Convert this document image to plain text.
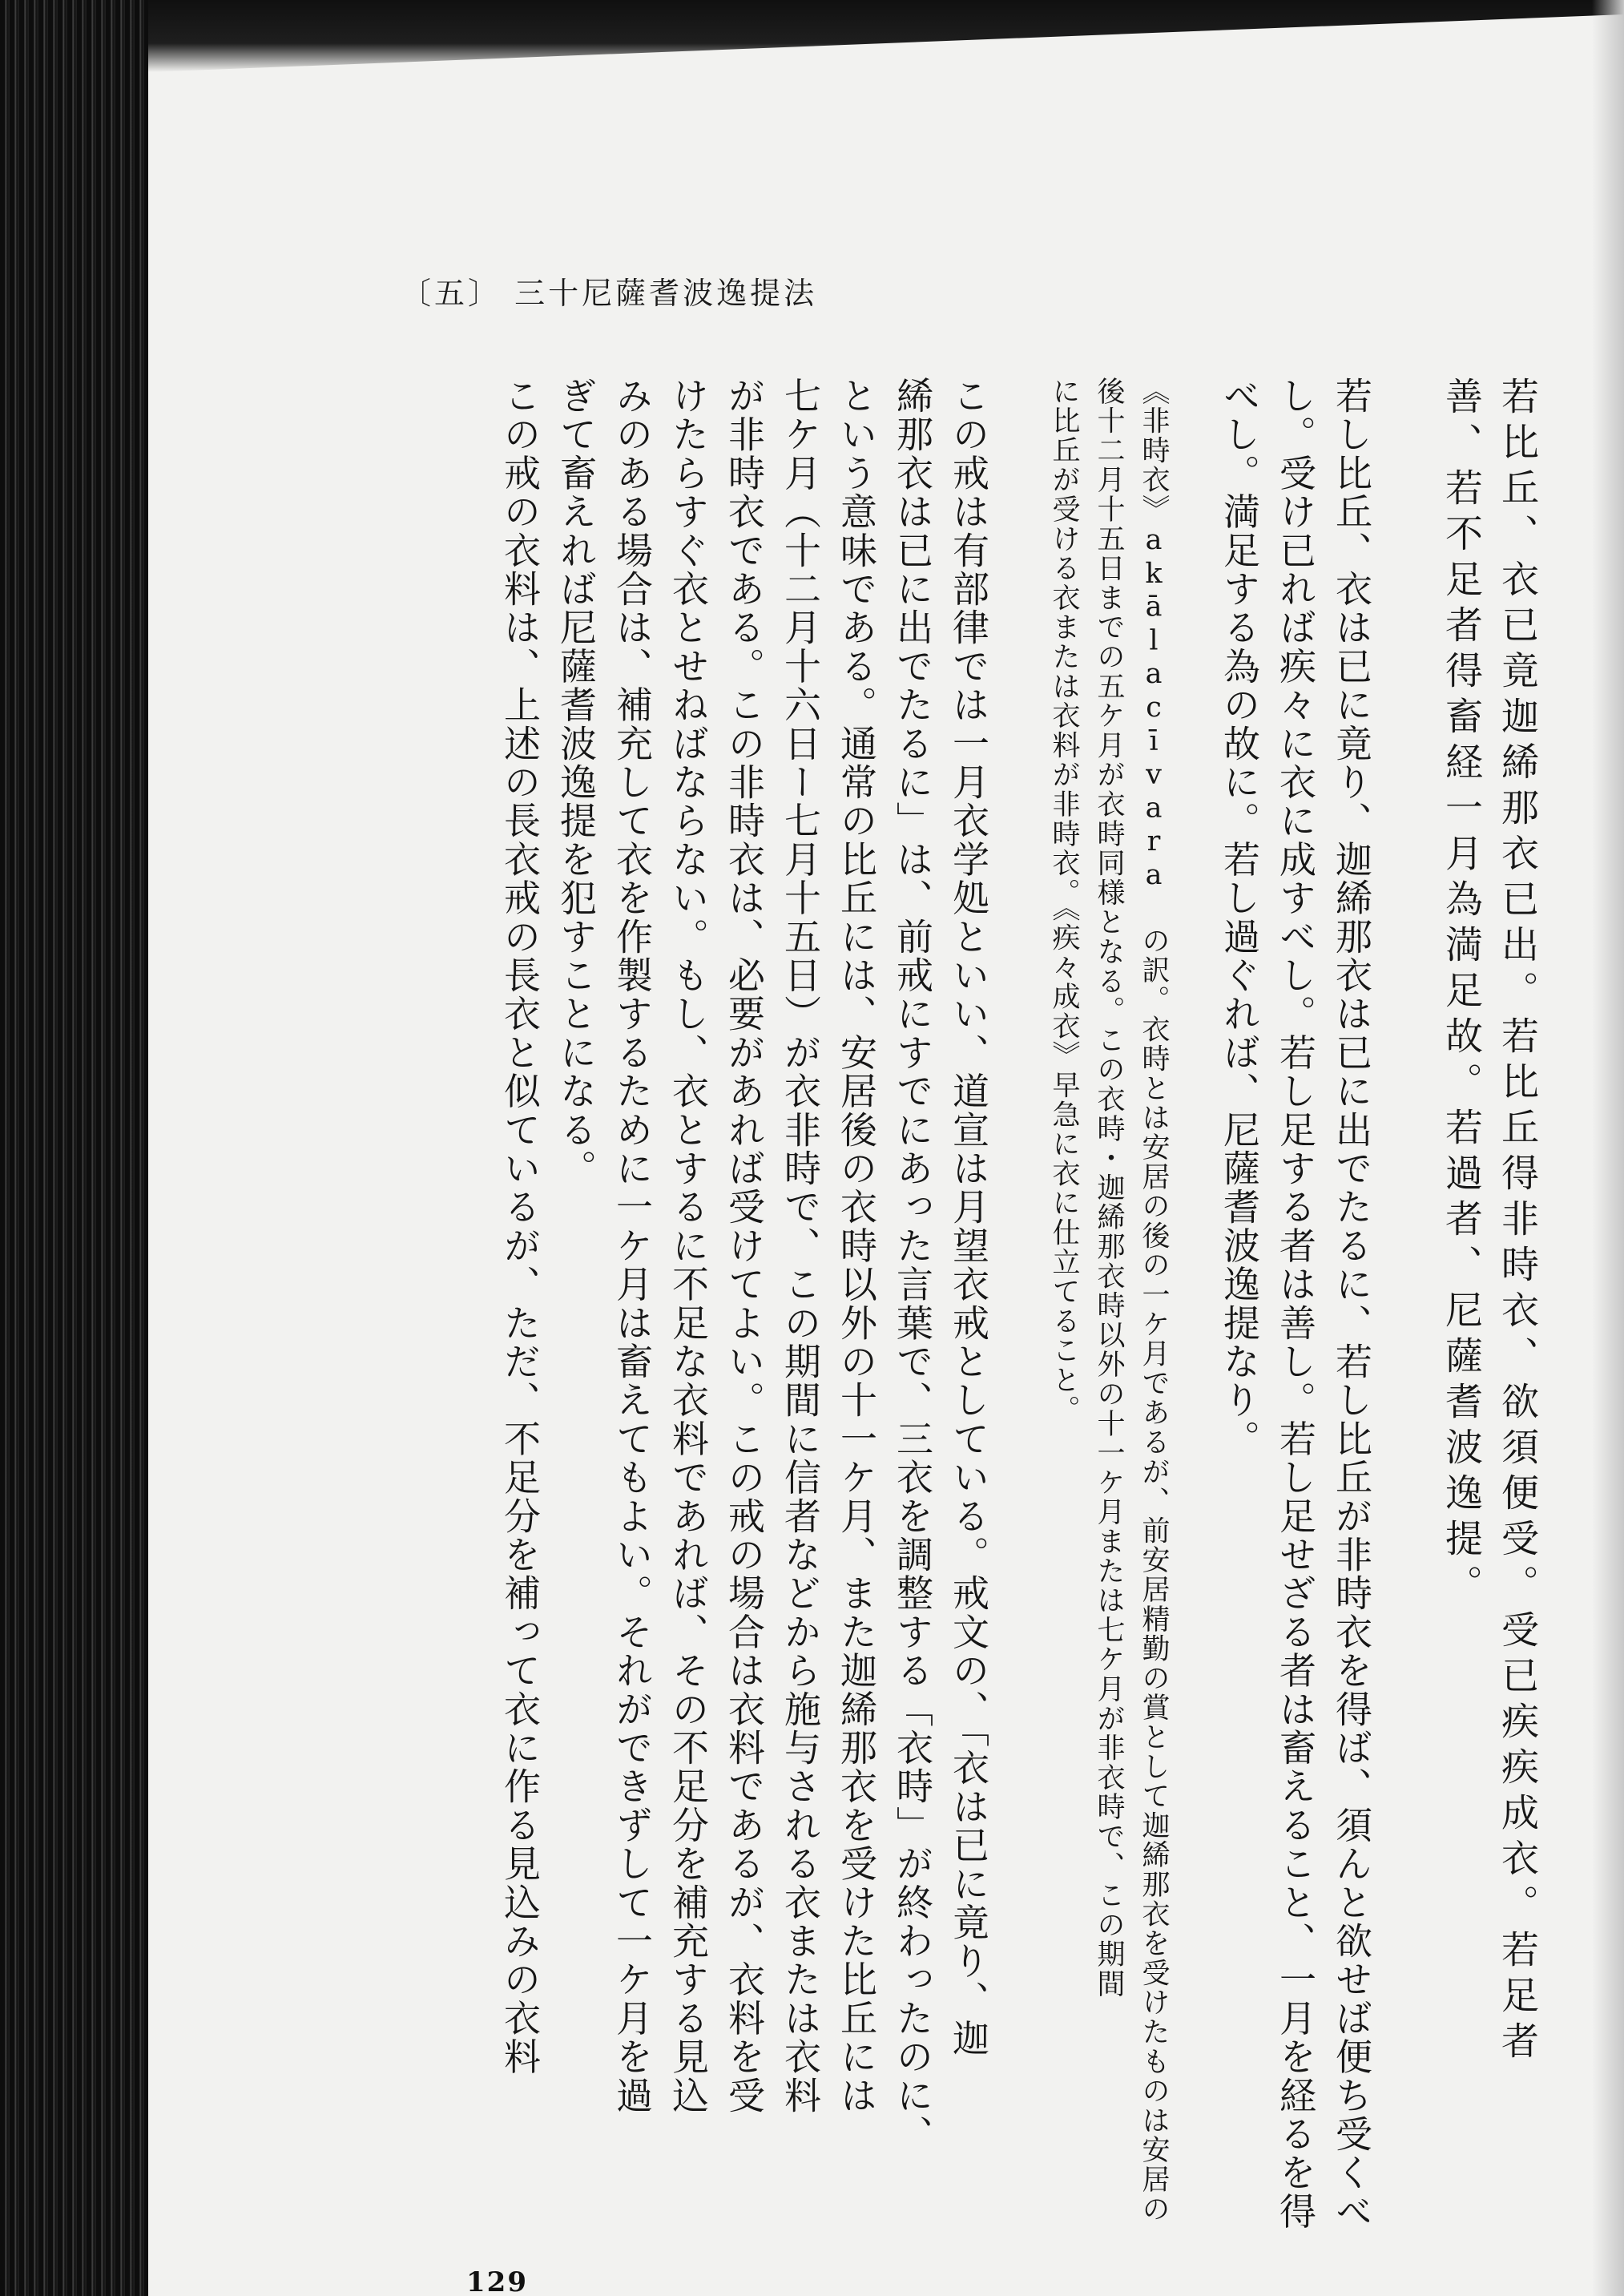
〔五〕 三十尼薩耆波逸提法
若比丘、衣已竟迦絺那衣已出。若比丘得非時衣、欲須便受。受已疾疾成衣。若足者
善、若不足者得畜経一月為満足故。若過者、尼薩耆波逸提。
若し比丘、衣は已に竟り、迦絺那衣は已に出でたるに、若し比丘が非時衣を得ば、須んと欲せば便ち受くべ
し。受け已れば疾々に衣に成すべし。若し足する者は善し。若し足せざる者は畜えること、一月を経るを得
べし。満足する為の故に。若し過ぐれば、尼薩耆波逸提なり。
《非時衣》akālacīvara の訳。衣時とは安居の後の一ケ月であるが、前安居精勤の賞として迦絺那衣を受けたものは安居の
後十二月十五日までの五ケ月が衣時同様となる。この衣時・迦絺那衣時以外の十一ケ月または七ケ月が非衣時で、この期間
に比丘が受ける衣または衣料が非時衣。《疾々成衣》早急に衣に仕立てること。
この戒は有部律では一月衣学処といい、道宣は月望衣戒としている。戒文の、「衣は已に竟り、迦
絺那衣は已に出でたるに」は、前戒にすでにあった言葉で、三衣を調整する「衣時」が終わったのに、
という意味である。通常の比丘には、安居後の衣時以外の十一ケ月、また迦絺那衣を受けた比丘には
七ケ月（十二月十六日ー七月十五日）が衣非時で、この期間に信者などから施与される衣または衣料
が非時衣である。この非時衣は、必要があれば受けてよい。この戒の場合は衣料であるが、衣料を受
けたらすぐ衣とせねばならない。もし、衣とするに不足な衣料であれば、その不足分を補充する見込
みのある場合は、補充して衣を作製するために一ケ月は畜えてもよい。それができずして一ケ月を過
ぎて畜えれば尼薩耆波逸提を犯すことになる。
この戒の衣料は、上述の長衣戒の長衣と似ているが、ただ、不足分を補って衣に作る見込みの衣料
129
